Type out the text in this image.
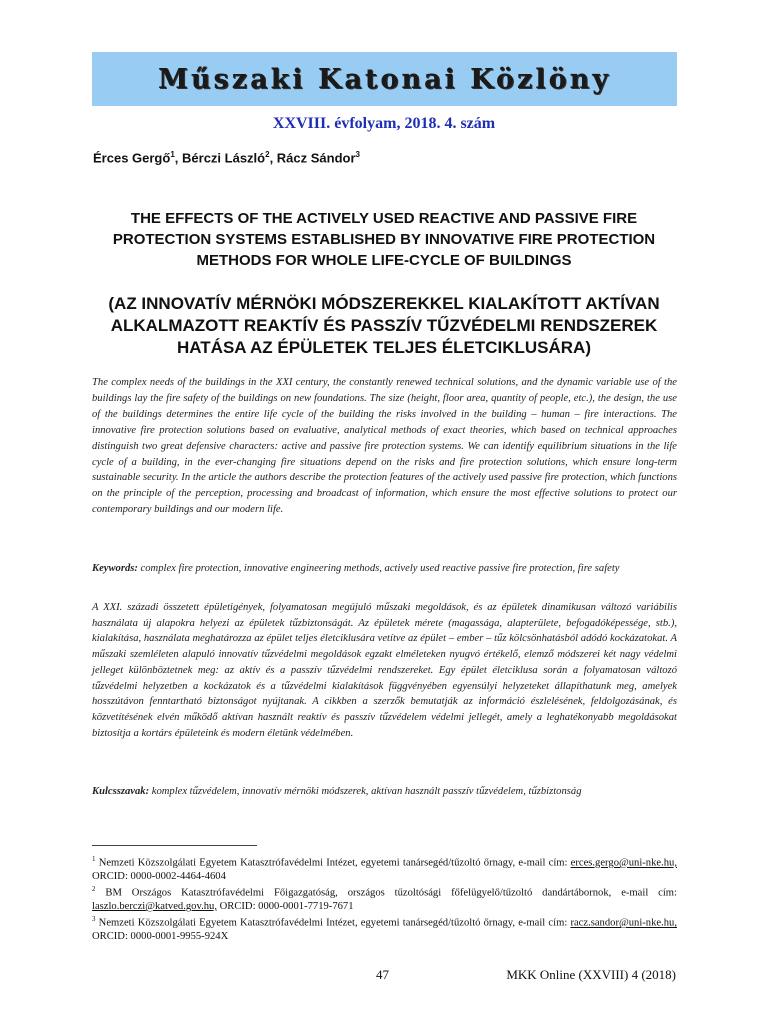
Műszaki Katonai Közlöny
XXVIII. évfolyam, 2018. 4. szám
Érces Gergő$^1$, Bérczi László$^2$, Rácz Sándor$^3$
THE EFFECTS OF THE ACTIVELY USED REACTIVE AND PASSIVE FIRE PROTECTION SYSTEMS ESTABLISHED BY INNOVATIVE FIRE PROTECTION METHODS FOR WHOLE LIFE-CYCLE OF BUILDINGS
(AZ INNOVATÍV MÉRNÖKI MÓDSZEREKKEL KIALAKÍTOTT AKTÍVAN ALKALMAZOTT REAKTÍV ÉS PASSZÍV TŰZVÉDELMI RENDSZEREK HATÁSA AZ ÉPÜLETEK TELJES ÉLETCIKLUSÁRA)
The complex needs of the buildings in the XXI century, the constantly renewed technical solutions, and the dynamic variable use of the buildings lay the fire safety of the buildings on new foundations. The size (height, floor area, quantity of people, etc.), the design, the use of the buildings determines the entire life cycle of the building the risks involved in the building – human – fire interactions. The innovative fire protection solutions based on evaluative, analytical methods of exact theories, which based on technical approaches distinguish two great defensive characters: active and passive fire protection systems. We can identify equilibrium situations in the life cycle of a building, in the ever-changing fire situations depend on the risks and fire protection solutions, which ensure long-term sustainable security. In the article the authors describe the protection features of the actively used passive fire protection, which functions on the principle of the perception, processing and broadcast of information, which ensure the most effective solutions to protect our contemporary buildings and our modern life.
Keywords: complex fire protection, innovative engineering methods, actively used reactive passive fire protection, fire safety
A XXI. századi összetett épületigények, folyamatosan megújuló műszaki megoldások, és az épületek dinamikusan változó variábilis használata új alapokra helyezi az épületek tűzbiztonságát. Az épületek mérete (magassága, alapterülete, befogadóképessége, stb.), kialakítása, használata meghatározza az épület teljes életciklusára vetítve az épület – ember – tűz kölcsönhatásból adódó kockázatokat. A műszaki szemléleten alapuló innovatív tűzvédelmi megoldások egzakt elméleteken nyugvó értékelő, elemző módszerei két nagy védelmi jelleget különböztetnek meg: az aktív és a passzív tűzvédelmi rendszereket. Egy épület életciklusa során a folyamatosan változó tűzvédelmi helyzetben a kockázatok és a tűzvédelmi kialakítások függvényében egyensúlyi helyzeteket állapíthatunk meg, amelyek hosszútávon fenntartható biztonságot nyújtanak. A cikkben a szerzők bemutatják az információ észlelésének, feldolgozásának, és közvetítésének elvén működő aktívan használt reaktív és passzív tűzvédelem védelmi jellegét, amely a leghatékonyabb megoldásokat biztosítja a kortárs épületeink és modern életünk védelmében.
Kulcsszavak: komplex tűzvédelem, innovatív mérnöki módszerek, aktívan használt passzív tűzvédelem, tűzbiztonság

$^1$ Nemzeti Közszolgálati Egyetem Katasztrófavédelmi Intézet, egyetemi tanársegéd/tűzoltó őrnagy, e-mail cím: erces.gergo@uni-nke.hu, ORCID: 0000-0002-4464-4604

$^2$ BM Országos Katasztrófavédelmi Főigazgatóság, országos tűzoltósági főfelügyelő/tűzoltó dandártábornok, e-mail cím: laszlo.berczi@katved.gov.hu, ORCID: 0000-0001-7719-7671

$^3$ Nemzeti Közszolgálati Egyetem Katasztrófavédelmi Intézet, egyetemi tanársegéd/tűzoltó őrnagy, e-mail cím: racz.sandor@uni-nke.hu, ORCID: 0000-0001-9955-924X

47	MKK Online (XXVIII) 4 (2018)
